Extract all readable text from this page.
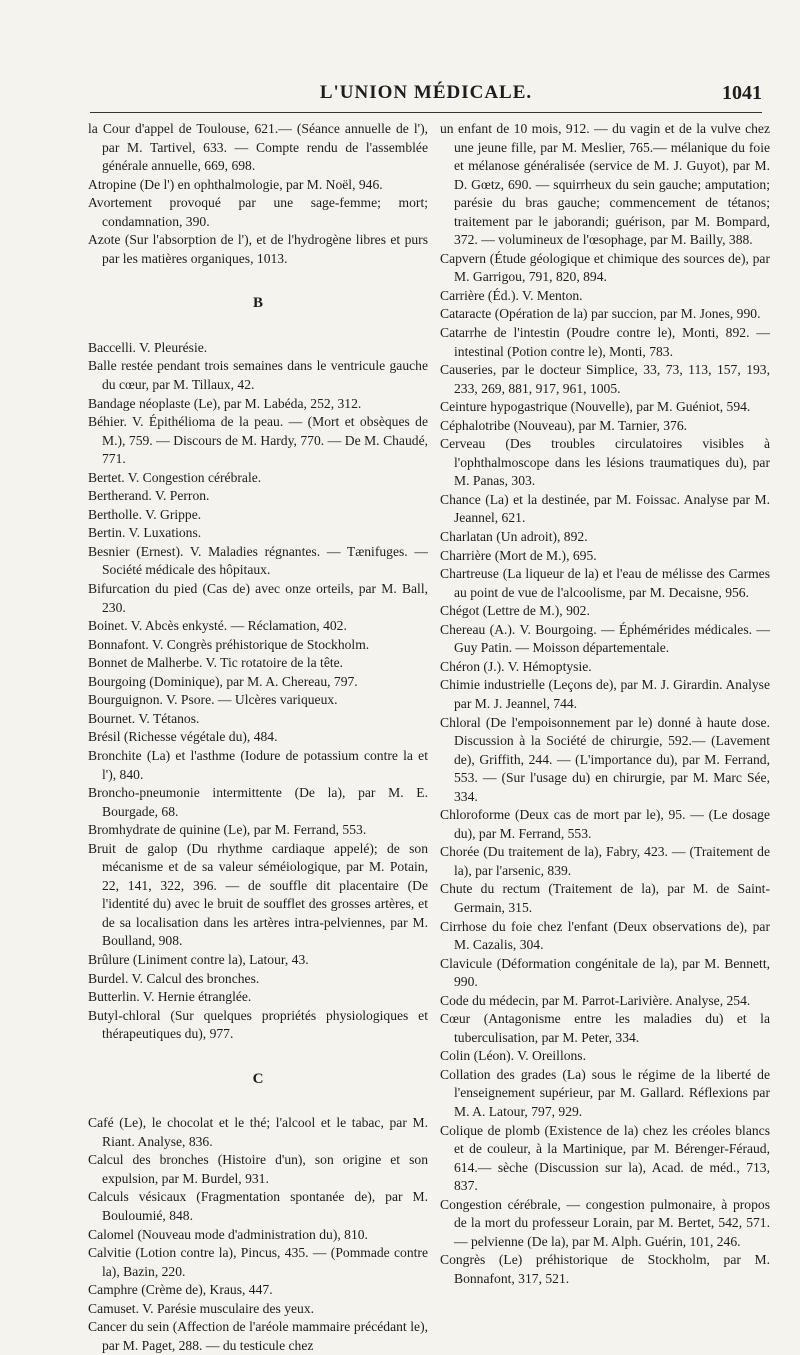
L'UNION MÉDICALE.	1041
la Cour d'appel de Toulouse, 621.— (Séance annuelle de l'), par M. Tartivel, 633. — Compte rendu de l'assemblée générale annuelle, 669, 698.
Atropine (De l') en ophthalmologie, par M. Noël, 946.
Avortement provoqué par une sage-femme; mort; condamnation, 390.
Azote (Sur l'absorption de l'), et de l'hydrogène libres et purs par les matières organiques, 1013.
B
Baccelli. V. Pleurésie.
Balle restée pendant trois semaines dans le ventricule gauche du cœur, par M. Tillaux, 42.
Bandage néoplaste (Le), par M. Labéda, 252, 312.
Béhier. V. Épithélioma de la peau. — (Mort et obsèques de M.), 759. — Discours de M. Hardy, 770. — De M. Chaudé, 771.
Bertet. V. Congestion cérébrale.
Bertherand. V. Perron.
Bertholle. V. Grippe.
Bertin. V. Luxations.
Besnier (Ernest). V. Maladies régnantes. — Tænifuges. — Société médicale des hôpitaux.
Bifurcation du pied (Cas de) avec onze orteils, par M. Ball, 230.
Boinet. V. Abcès enkysté. — Réclamation, 402.
Bonnafont. V. Congrès préhistorique de Stockholm.
Bonnet de Malherbe. V. Tic rotatoire de la tête.
Bourgoing (Dominique), par M. A. Chereau, 797.
Bourguignon. V. Psore. — Ulcères variqueux.
Bournet. V. Tétanos.
Brésil (Richesse végétale du), 484.
Bronchite (La) et l'asthme (Iodure de potassium contre la et l'), 840.
Broncho-pneumonie intermittente (De la), par M. E. Bourgade, 68.
Bromhydrate de quinine (Le), par M. Ferrand, 553.
Bruit de galop (Du rhythme cardiaque appelé); de son mécanisme et de sa valeur séméiologique, par M. Potain, 22, 141, 322, 396. — de souffle dit placentaire (De l'identité du) avec le bruit de soufflet des grosses artères, et de sa localisation dans les artères intra-pelviennes, par M. Boulland, 908.
Brûlure (Liniment contre la), Latour, 43.
Burdel. V. Calcul des bronches.
Butterlin. V. Hernie étranglée.
Butyl-chloral (Sur quelques propriétés physiologiques et thérapeutiques du), 977.
C
Café (Le), le chocolat et le thé; l'alcool et le tabac, par M. Riant. Analyse, 836.
Calcul des bronches (Histoire d'un), son origine et son expulsion, par M. Burdel, 931.
Calculs vésicaux (Fragmentation spontanée de), par M. Bouloumié, 848.
Calomel (Nouveau mode d'administration du), 810.
Calvitie (Lotion contre la), Pincus, 435. — (Pommade contre la), Bazin, 220.
Camphre (Crème de), Kraus, 447.
Camuset. V. Parésie musculaire des yeux.
Cancer du sein (Affection de l'aréole mammaire précédant le), par M. Paget, 288. — du testicule chez
un enfant de 10 mois, 912. — du vagin et de la vulve chez une jeune fille, par M. Meslier, 765.— mélanique du foie et mélanose généralisée (service de M. J. Guyot), par M. D. Gœtz, 690. — squirrheux du sein gauche; amputation; parésie du bras gauche; commencement de tétanos; traitement par le jaborandi; guérison, par M. Bompard, 372. — volumineux de l'œsophage, par M. Bailly, 388.
Capvern (Étude géologique et chimique des sources de), par M. Garrigou, 791, 820, 894.
Carrière (Éd.). V. Menton.
Cataracte (Opération de la) par succion, par M. Jones, 990.
Catarrhe de l'intestin (Poudre contre le), Monti, 892. — intestinal (Potion contre le), Monti, 783.
Causeries, par le docteur Simplice, 33, 73, 113, 157, 193, 233, 269, 881, 917, 961, 1005.
Ceinture hypogastrique (Nouvelle), par M. Guéniot, 594.
Céphalotribe (Nouveau), par M. Tarnier, 376.
Cerveau (Des troubles circulatoires visibles à l'ophthalmoscope dans les lésions traumatiques du), par M. Panas, 303.
Chance (La) et la destinée, par M. Foissac. Analyse par M. Jeannel, 621.
Charlatan (Un adroit), 892.
Charrière (Mort de M.), 695.
Chartreuse (La liqueur de la) et l'eau de mélisse des Carmes au point de vue de l'alcoolisme, par M. Decaisne, 956.
Chégot (Lettre de M.), 902.
Chereau (A.). V. Bourgoing. — Éphémérides médicales. — Guy Patin. — Moisson départementale.
Chéron (J.). V. Hémoptysie.
Chimie industrielle (Leçons de), par M. J. Girardin. Analyse par M. J. Jeannel, 744.
Chloral (De l'empoisonnement par le) donné à haute dose. Discussion à la Société de chirurgie, 592.— (Lavement de), Griffith, 244. — (L'importance du), par M. Ferrand, 553. — (Sur l'usage du) en chirurgie, par M. Marc Sée, 334.
Chloroforme (Deux cas de mort par le), 95. — (Le dosage du), par M. Ferrand, 553.
Chorée (Du traitement de la), Fabry, 423. — (Traitement de la), par l'arsenic, 839.
Chute du rectum (Traitement de la), par M. de Saint-Germain, 315.
Cirrhose du foie chez l'enfant (Deux observations de), par M. Cazalis, 304.
Clavicule (Déformation congénitale de la), par M. Bennett, 990.
Code du médecin, par M. Parrot-Larivière. Analyse, 254.
Cœur (Antagonisme entre les maladies du) et la tuberculisation, par M. Peter, 334.
Colin (Léon). V. Oreillons.
Collation des grades (La) sous le régime de la liberté de l'enseignement supérieur, par M. Gallard. Réflexions par M. A. Latour, 797, 929.
Colique de plomb (Existence de la) chez les créoles blancs et de couleur, à la Martinique, par M. Bérenger-Féraud, 614.— sèche (Discussion sur la), Acad. de méd., 713, 837.
Congestion cérébrale, — congestion pulmonaire, à propos de la mort du professeur Lorain, par M. Bertet, 542, 571. — pelvienne (De la), par M. Alph. Guérin, 101, 246.
Congrès (Le) préhistorique de Stockholm, par M. Bonnafont, 317, 521.
